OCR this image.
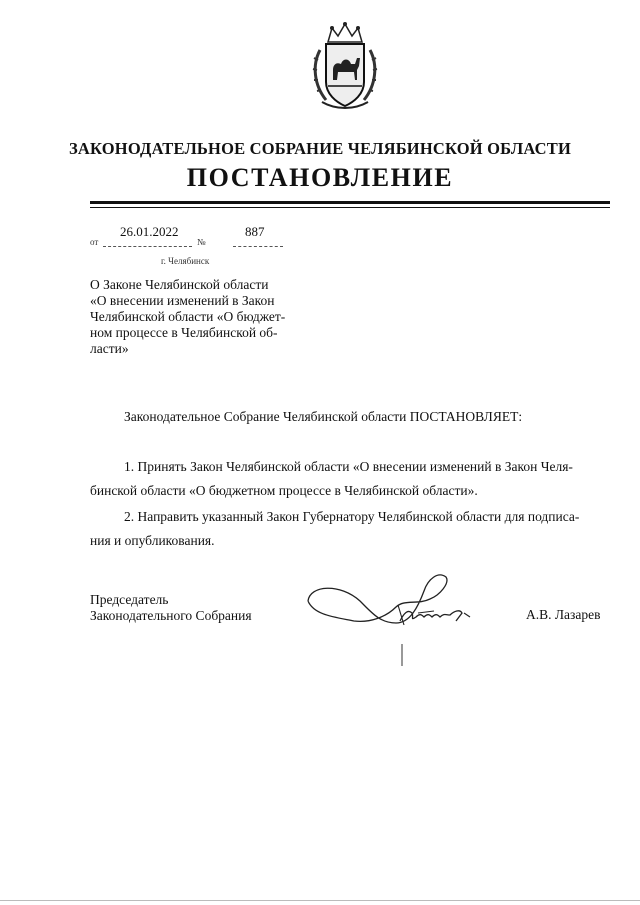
ЗАКОНОДАТЕЛЬНОЕ СОБРАНИЕ ЧЕЛЯБИНСКОЙ ОБЛАСТИ
ПОСТАНОВЛЕНИЕ
26.01.2022	887
от	№
г. Челябинск
О Законе Челябинской области
«О внесении изменений в Закон
Челябинской области «О бюджет-
ном процессе в Челябинской об-
ласти»
Законодательное Собрание Челябинской области ПОСТАНОВЛЯЕТ:
1. Принять Закон Челябинской области «О внесении изменений в Закон Челя-
бинской области «О бюджетном процессе в Челябинской области».
2. Направить указанный Закон Губернатору Челябинской области для подписа-
ния и опубликования.
Председатель
Законодательного Собрания	А.В. Лазарев
